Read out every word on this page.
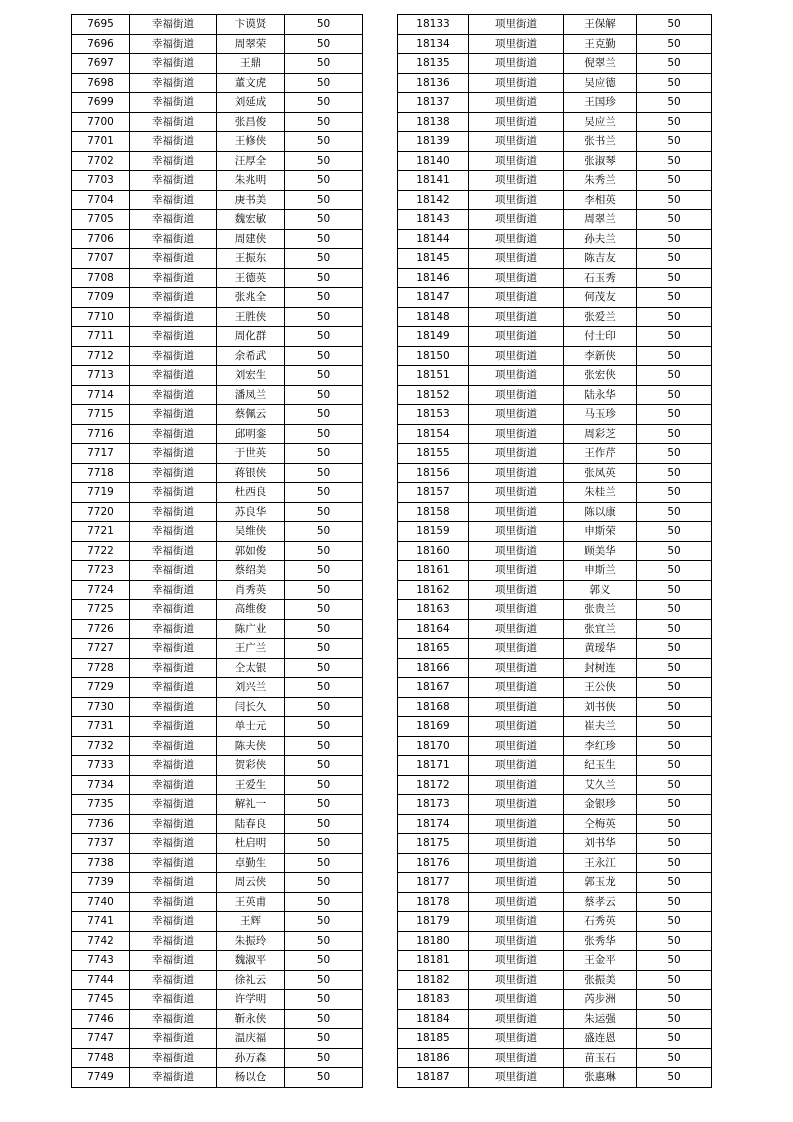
7695	幸福街道	卞谟贤	50
7696	幸福街道	周翠荣	50
7697	幸福街道	王鼎	50
7698	幸福街道	董文虎	50
7699	幸福街道	刘延成	50
7700	幸福街道	张昌俊	50
7701	幸福街道	王修侠	50
7702	幸福街道	汪厚全	50
7703	幸福街道	朱兆明	50
7704	幸福街道	庚书美	50
7705	幸福街道	魏宏敏	50
7706	幸福街道	周建侠	50
7707	幸福街道	王振东	50
7708	幸福街道	王德英	50
7709	幸福街道	张兆全	50
7710	幸福街道	王胜侠	50
7711	幸福街道	周化群	50
7712	幸福街道	余希武	50
7713	幸福街道	刘宏生	50
7714	幸福街道	潘凤兰	50
7715	幸福街道	蔡佩云	50
7716	幸福街道	邱明銮	50
7717	幸福街道	于世英	50
7718	幸福街道	蒋银侠	50
7719	幸福街道	杜西良	50
7720	幸福街道	苏良华	50
7721	幸福街道	吴维侠	50
7722	幸福街道	郭如俊	50
7723	幸福街道	蔡绍美	50
7724	幸福街道	肖秀英	50
7725	幸福街道	高维俊	50
7726	幸福街道	陈广业	50
7727	幸福街道	王广兰	50
7728	幸福街道	仝太银	50
7729	幸福街道	刘兴兰	50
7730	幸福街道	闫长久	50
7731	幸福街道	单士元	50
7732	幸福街道	陈夫侠	50
7733	幸福街道	贺彩侠	50
7734	幸福街道	王爱生	50
7735	幸福街道	解礼一	50
7736	幸福街道	陆春良	50
7737	幸福街道	杜启明	50
7738	幸福街道	卓勤生	50
7739	幸福街道	周云侠	50
7740	幸福街道	王英甫	50
7741	幸福街道	王辉	50
7742	幸福街道	朱振玲	50
7743	幸福街道	魏淑平	50
7744	幸福街道	徐礼云	50
7745	幸福街道	许学明	50
7746	幸福街道	靳永侠	50
7747	幸福街道	温庆福	50
7748	幸福街道	孙万森	50
7749	幸福街道	杨以仓	50
18133	项里街道	王保解	50
18134	项里街道	王克勤	50
18135	项里街道	倪翠兰	50
18136	项里街道	吴应德	50
18137	项里街道	王国珍	50
18138	项里街道	吴应兰	50
18139	项里街道	张书兰	50
18140	项里街道	张淑琴	50
18141	项里街道	朱秀兰	50
18142	项里街道	李相英	50
18143	项里街道	周翠兰	50
18144	项里街道	孙夫兰	50
18145	项里街道	陈吉友	50
18146	项里街道	石玉秀	50
18147	项里街道	何茂友	50
18148	项里街道	张爱兰	50
18149	项里街道	付士印	50
18150	项里街道	李新侠	50
18151	项里街道	张宏侠	50
18152	项里街道	陆永华	50
18153	项里街道	马玉珍	50
18154	项里街道	周彩芝	50
18155	项里街道	王作芹	50
18156	项里街道	张凤英	50
18157	项里街道	朱桂兰	50
18158	项里街道	陈以康	50
18159	项里街道	申斯荣	50
18160	项里街道	顾美华	50
18161	项里街道	申斯兰	50
18162	项里街道	郭义	50
18163	项里街道	张贵兰	50
18164	项里街道	张宜兰	50
18165	项里街道	黄瑷华	50
18166	项里街道	封树连	50
18167	项里街道	王公侠	50
18168	项里街道	刘书侠	50
18169	项里街道	崔夫兰	50
18170	项里街道	李红珍	50
18171	项里街道	纪玉生	50
18172	项里街道	艾久兰	50
18173	项里街道	金银珍	50
18174	项里街道	仝梅英	50
18175	项里街道	刘书华	50
18176	项里街道	王永江	50
18177	项里街道	郭玉龙	50
18178	项里街道	蔡孝云	50
18179	项里街道	石秀英	50
18180	项里街道	张秀华	50
18181	项里街道	王金平	50
18182	项里街道	张振美	50
18183	项里街道	芮步洲	50
18184	项里街道	朱运强	50
18185	项里街道	盛连恩	50
18186	项里街道	苗玉石	50
18187	项里街道	张惠琳	50
